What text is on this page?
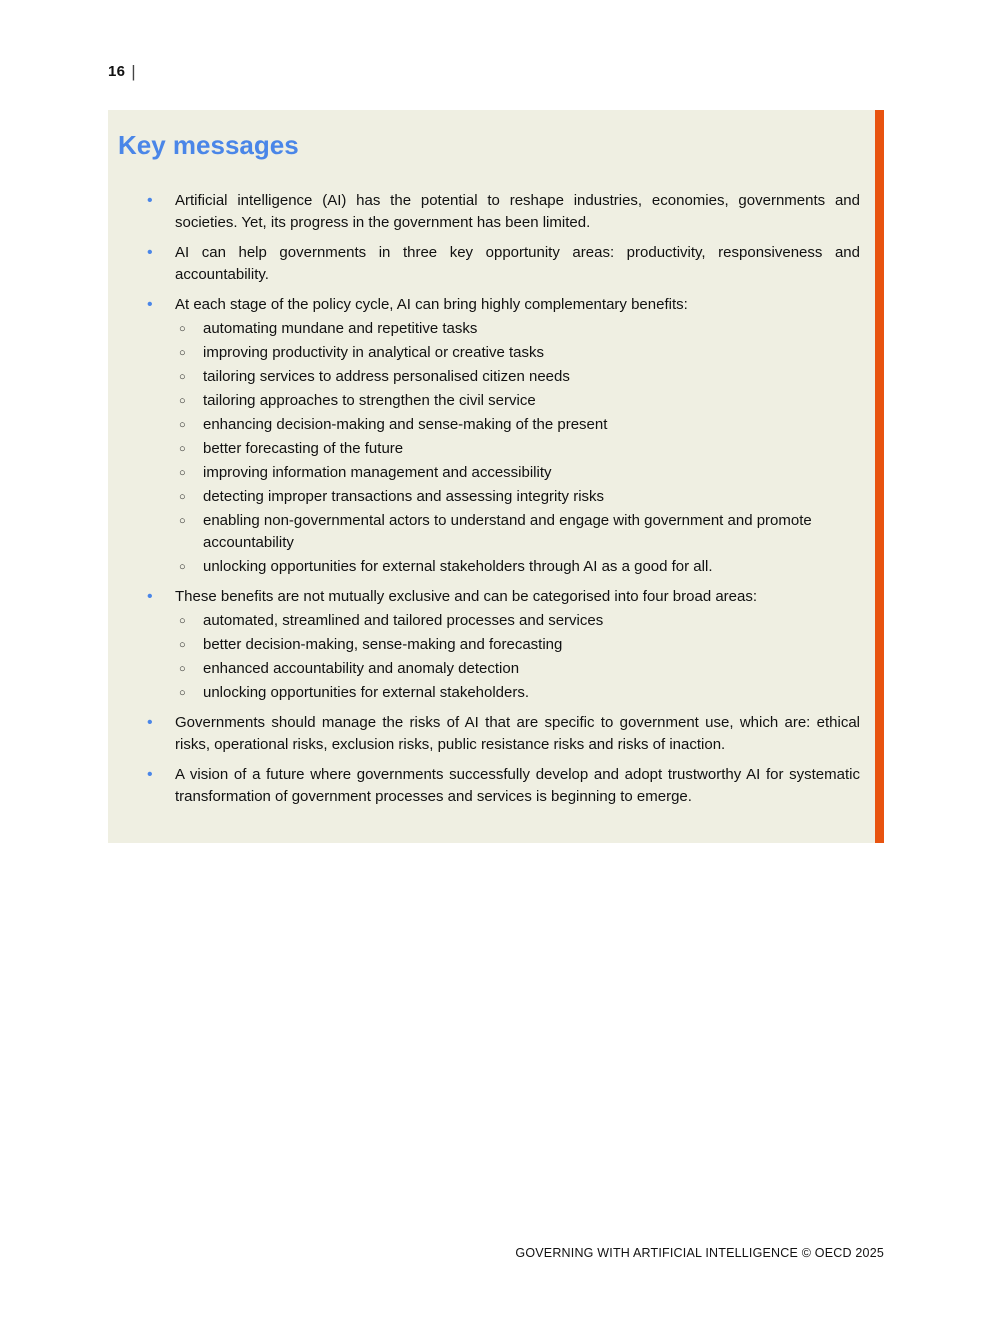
16 |
Key messages
• Artificial intelligence (AI) has the potential to reshape industries, economies, governments and societies. Yet, its progress in the government has been limited.
• AI can help governments in three key opportunity areas: productivity, responsiveness and accountability.
• At each stage of the policy cycle, AI can bring highly complementary benefits:
○ automating mundane and repetitive tasks
○ improving productivity in analytical or creative tasks
○ tailoring services to address personalised citizen needs
○ tailoring approaches to strengthen the civil service
○ enhancing decision-making and sense-making of the present
○ better forecasting of the future
○ improving information management and accessibility
○ detecting improper transactions and assessing integrity risks
○ enabling non-governmental actors to understand and engage with government and promote accountability
○ unlocking opportunities for external stakeholders through AI as a good for all.
• These benefits are not mutually exclusive and can be categorised into four broad areas:
○ automated, streamlined and tailored processes and services
○ better decision-making, sense-making and forecasting
○ enhanced accountability and anomaly detection
○ unlocking opportunities for external stakeholders.
• Governments should manage the risks of AI that are specific to government use, which are: ethical risks, operational risks, exclusion risks, public resistance risks and risks of inaction.
• A vision of a future where governments successfully develop and adopt trustworthy AI for systematic transformation of government processes and services is beginning to emerge.
GOVERNING WITH ARTIFICIAL INTELLIGENCE © OECD 2025
